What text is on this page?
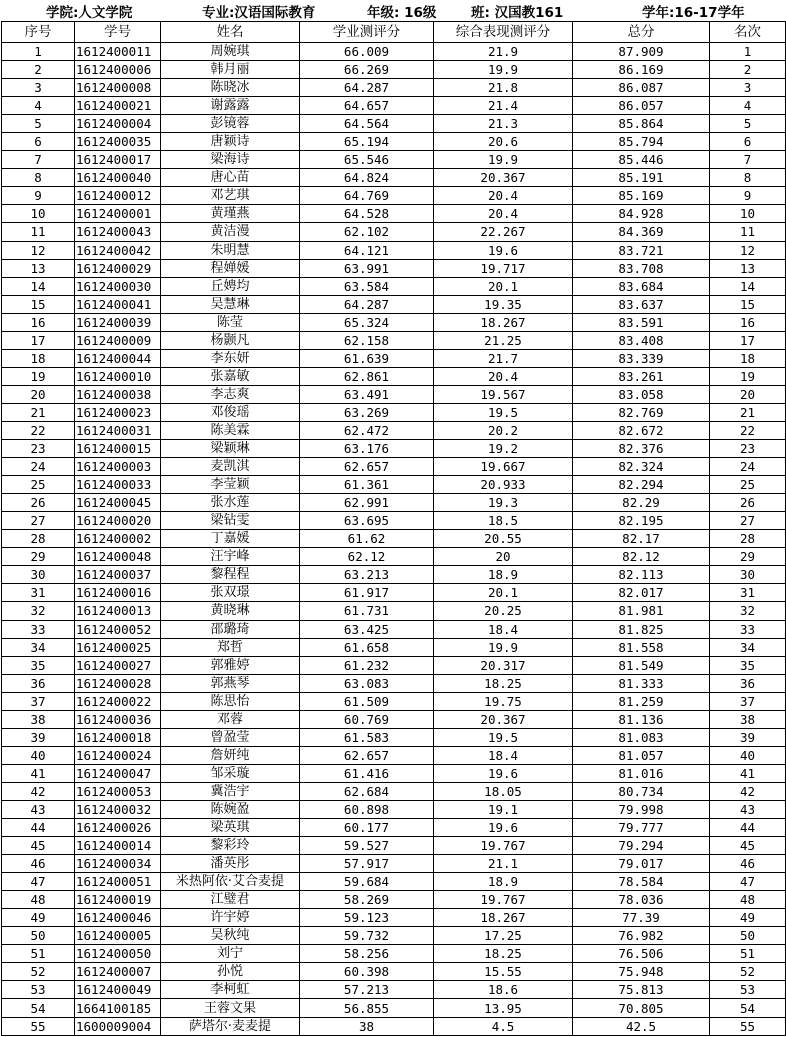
学院:人文学院	专业:汉语国际教育	年级: 16级	班: 汉国教161	学年:16-17学年
序号	学号	姓名	学业测评分	综合表现测评分	总分	名次
1	1612400011	周婉琪	66.009	21.9	87.909	1
2	1612400006	韩月丽	66.269	19.9	86.169	2
3	1612400008	陈晓冰	64.287	21.8	86.087	3
4	1612400021	谢露露	64.657	21.4	86.057	4
5	1612400004	彭镜蓉	64.564	21.3	85.864	5
6	1612400035	唐颖诗	65.194	20.6	85.794	6
7	1612400017	梁海诗	65.546	19.9	85.446	7
8	1612400040	唐心苗	64.824	20.367	85.191	8
9	1612400012	邓艺琪	64.769	20.4	85.169	9
10	1612400001	黄瑾燕	64.528	20.4	84.928	10
11	1612400043	黄洁漫	62.102	22.267	84.369	11
12	1612400042	朱明慧	64.121	19.6	83.721	12
13	1612400029	程婵媛	63.991	19.717	83.708	13
14	1612400030	丘娉均	63.584	20.1	83.684	14
15	1612400041	吴慧琳	64.287	19.35	83.637	15
16	1612400039	陈莹	65.324	18.267	83.591	16
17	1612400009	杨颢凡	62.158	21.25	83.408	17
18	1612400044	李东妍	61.639	21.7	83.339	18
19	1612400010	张嘉敏	62.861	20.4	83.261	19
20	1612400038	李志爽	63.491	19.567	83.058	20
21	1612400023	邓俊瑶	63.269	19.5	82.769	21
22	1612400031	陈美霖	62.472	20.2	82.672	22
23	1612400015	梁颖琳	63.176	19.2	82.376	23
24	1612400003	麦凯淇	62.657	19.667	82.324	24
25	1612400033	李莹颖	61.361	20.933	82.294	25
26	1612400045	张水莲	62.991	19.3	82.29	26
27	1612400020	梁钻雯	63.695	18.5	82.195	27
28	1612400002	丁嘉媛	61.62	20.55	82.17	28
29	1612400048	汪宇峰	62.12	20	82.12	29
30	1612400037	黎程程	63.213	18.9	82.113	30
31	1612400016	张双璟	61.917	20.1	82.017	31
32	1612400013	黄晓琳	61.731	20.25	81.981	32
33	1612400052	邵璐琦	63.425	18.4	81.825	33
34	1612400025	郑哲	61.658	19.9	81.558	34
35	1612400027	郭雅婷	61.232	20.317	81.549	35
36	1612400028	郭燕琴	63.083	18.25	81.333	36
37	1612400022	陈思怡	61.509	19.75	81.259	37
38	1612400036	邓蓉	60.769	20.367	81.136	38
39	1612400018	曾盈莹	61.583	19.5	81.083	39
40	1612400024	詹妍纯	62.657	18.4	81.057	40
41	1612400047	邹采璇	61.416	19.6	81.016	41
42	1612400053	冀浩宇	62.684	18.05	80.734	42
43	1612400032	陈婉盈	60.898	19.1	79.998	43
44	1612400026	梁英琪	60.177	19.6	79.777	44
45	1612400014	黎彩玲	59.527	19.767	79.294	45
46	1612400034	潘英彤	57.917	21.1	79.017	46
47	1612400051	米热阿依·艾合麦提	59.684	18.9	78.584	47
48	1612400019	江璧君	58.269	19.767	78.036	48
49	1612400046	许宇婷	59.123	18.267	77.39	49
50	1612400005	吴秋纯	59.732	17.25	76.982	50
51	1612400050	刘宁	58.256	18.25	76.506	51
52	1612400007	孙悦	60.398	15.55	75.948	52
53	1612400049	李柯虹	57.213	18.6	75.813	53
54	1664100185	王蓉文果	56.855	13.95	70.805	54
55	1600009004	萨塔尔·麦麦提	38	4.5	42.5	55
